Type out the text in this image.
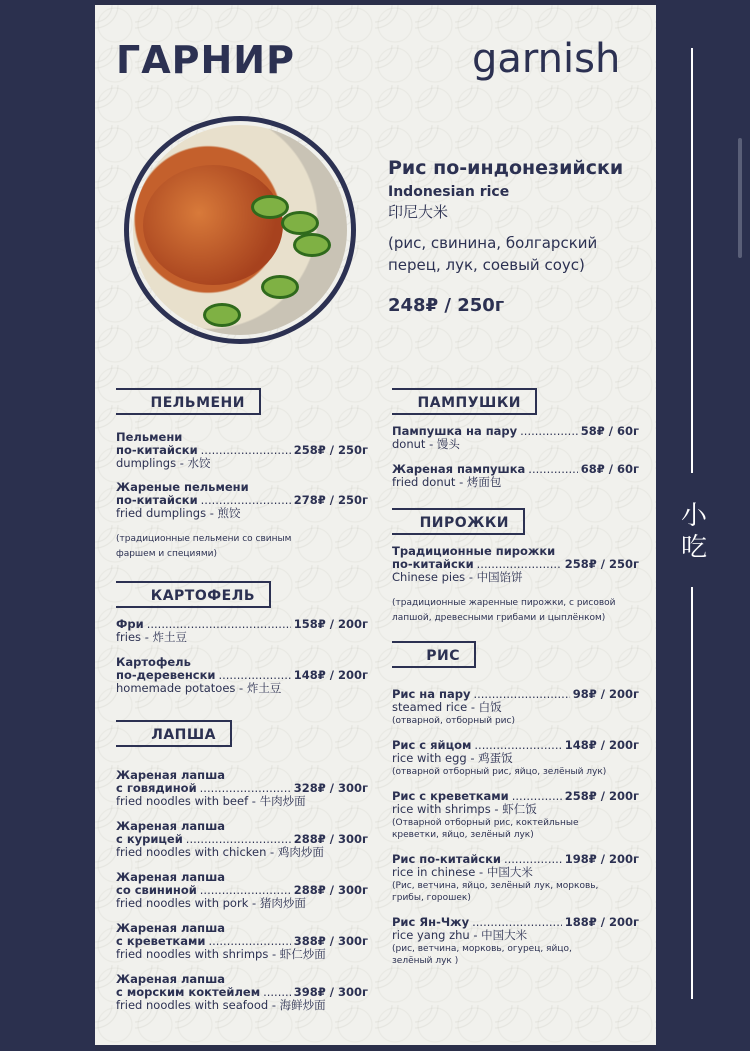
小吃
ГАРНИР	garnish
Рис по-индонезийски
Indonesian rice
印尼大米
(рис, свинина, болгарский перец, лук, соевый соус)
248₽ / 250г
ПЕЛЬМЕНИ
Пельмени
по-китайски .....	258₽ / 250г
dumplings - 水饺
Жареные пельмени
по-китайски .....	278₽ / 250г
fried dumplings - 煎饺
(традиционные пельмени со свиным фаршем и специями)
КАРТОФЕЛЬ
Фри .....	158₽ / 200г
fries - 炸土豆
Картофель
по-деревенски .....	148₽ / 200г
homemade potatoes - 炸土豆
ЛАПША
Жареная лапша
с говядиной .....	328₽ / 300г
fried noodles with beef - 牛肉炒面
Жареная лапша
с курицей .....	288₽ / 300г
fried noodles with chicken - 鸡肉炒面
Жареная лапша
со свининой .....	288₽ / 300г
fried noodles with pork - 猪肉炒面
Жареная лапша
с креветками .....	388₽ / 300г
fried noodles with shrimps - 虾仁炒面
Жареная лапша
с морским коктейлем .....	398₽ / 300г
fried noodles with seafood - 海鲜炒面
ПАМПУШКИ
Пампушка на пару .....	58₽ / 60г
donut - 馒头
Жареная пампушка .....	68₽ / 60г
fried donut - 烤面包
ПИРОЖКИ
Традиционные пирожки
по-китайски .....	258₽ / 250г
Chinese pies - 中国馅饼
(традиционные жаренные пирожки, с рисовой лапшой, древесными грибами и цыплёнком)
РИС
Рис на пару .....	98₽ / 200г
steamed rice - 白饭
(отварной, отборный рис)
Рис с яйцом .....	148₽ / 200г
rice with egg - 鸡蛋饭
(отварной отборный рис, яйцо, зелёный лук)
Рис с креветками .....	258₽ / 200г
rice with shrimps - 虾仁饭
(Отварной отборный рис, коктейльные креветки, яйцо, зелёный лук)
Рис по-китайски .....	198₽ / 200г
rice in chinese - 中国大米
(Рис, ветчина, яйцо, зелёный лук, морковь, грибы, горошек)
Рис Ян-Чжу .....	188₽ / 200г
rice yang zhu - 中国大米
(рис, ветчина, морковь, огурец, яйцо, зелёный лук )
